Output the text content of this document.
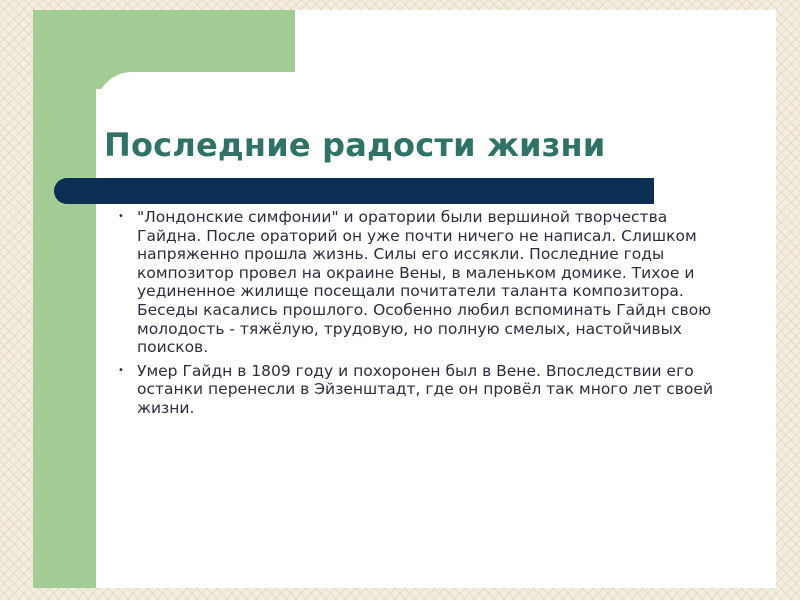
Последние радости жизни
• "Лондонские симфонии" и оратории были вершиной творчества Гайдна. После ораторий он уже почти ничего не написал. Слишком напряженно прошла жизнь. Силы его иссякли. Последние годы композитор провел на окраине Вены, в маленьком домике. Тихое и уединенное жилище посещали почитатели таланта композитора. Беседы касались прошлого. Особенно любил вспоминать Гайдн свою молодость - тяжёлую, трудовую, но полную смелых, настойчивых поисков.
• Умер Гайдн в 1809 году и похоронен был в Вене. Впоследствии его останки перенесли в Эйзенштадт, где он провёл так много лет своей жизни.
